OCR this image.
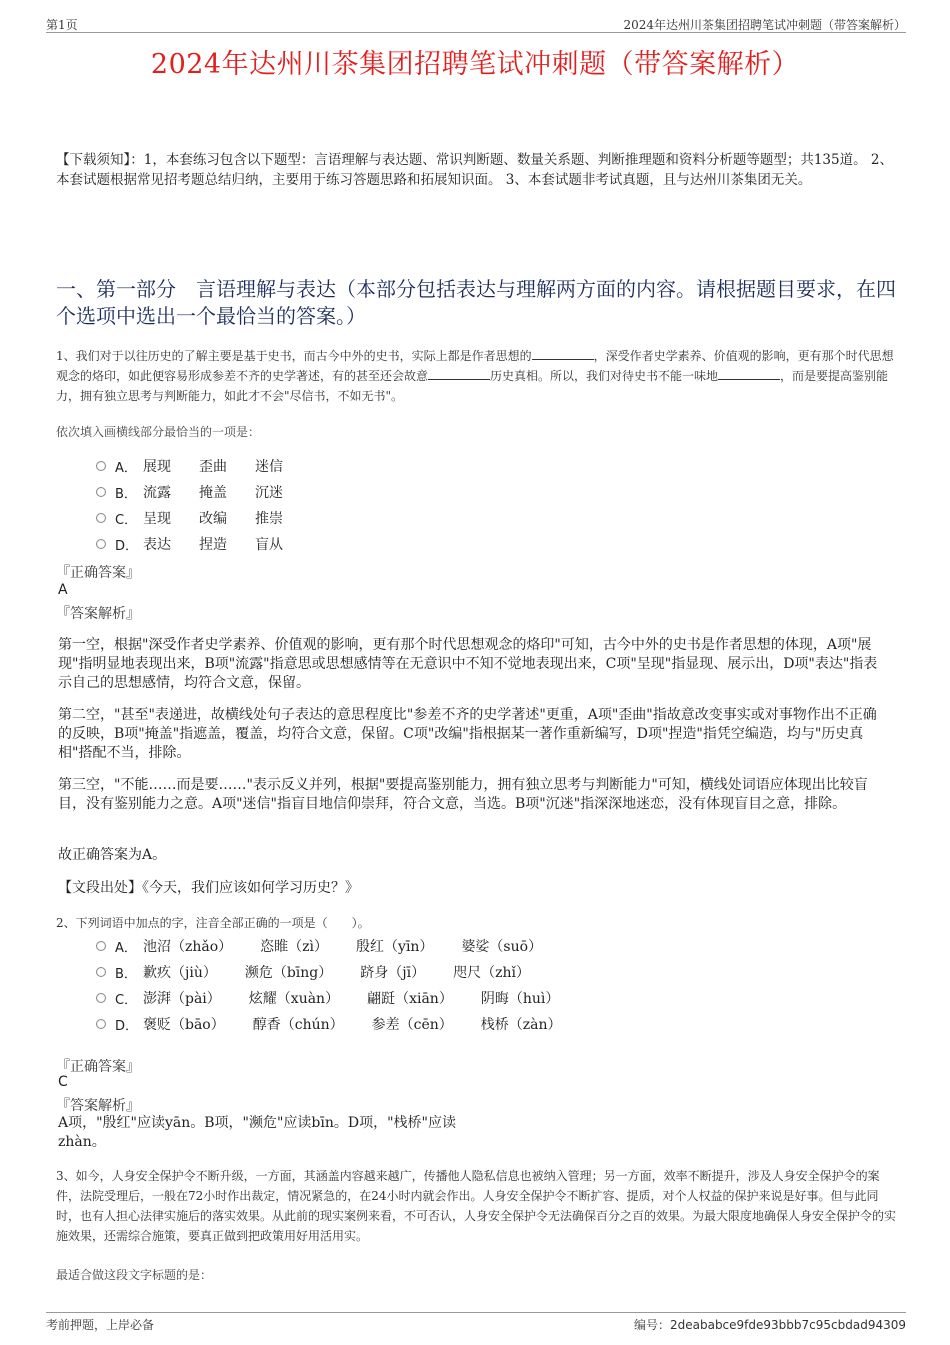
第1页	2024年达州川茶集团招聘笔试冲刺题（带答案解析）
2024年达州川茶集团招聘笔试冲刺题（带答案解析）
【下载须知】：1，本套练习包含以下题型：言语理解与表达题、常识判断题、数量关系题、判断推理题和资料分析题等题型；共135道。 2、本套试题根据常见招考题总结归纳，主要用于练习答题思路和拓展知识面。 3、本套试题非考试真题，且与达州川茶集团无关。
一、第一部分　言语理解与表达（本部分包括表达与理解两方面的内容。请根据题目要求，在四个选项中选出一个最恰当的答案。）
1、我们对于以往历史的了解主要是基于史书，而古今中外的史书，实际上都是作者思想的	，深受作者史学素养、价值观的影响，更有那个时代思想观念的烙印，如此便容易形成参差不齐的史学著述，有的甚至还会故意	历史真相。所以，我们对待史书不能一味地	，而是要提高鉴别能力，拥有独立思考与判断能力，如此才不会"尽信书，不如无书"。
依次填入画横线部分最恰当的一项是：
A． 展现 歪曲 迷信
B． 流露 掩盖 沉迷
C． 呈现 改编 推崇
D． 表达 捏造 盲从
『正确答案』
A
『答案解析』
第一空，根据"深受作者史学素养、价值观的影响，更有那个时代思想观念的烙印"可知，古今中外的史书是作者思想的体现，A项"展现"指明显地表现出来，B项"流露"指意思或思想感情等在无意识中不知不觉地表现出来，C项"呈现"指显现、展示出，D项"表达"指表示自己的思想感情，均符合文意，保留。
第二空，"甚至"表递进，故横线处句子表达的意思程度比"参差不齐的史学著述"更重，A项"歪曲"指故意改变事实或对事物作出不正确的反映，B项"掩盖"指遮盖，覆盖，均符合文意，保留。C项"改编"指根据某一著作重新编写，D项"捏造"指凭空编造，均与"历史真相"搭配不当，排除。
第三空，"不能……而是要……"表示反义并列，根据"要提高鉴别能力，拥有独立思考与判断能力"可知，横线处词语应体现出比较盲目，没有鉴别能力之意。A项"迷信"指盲目地信仰崇拜，符合文意，当选。B项"沉迷"指深深地迷恋，没有体现盲目之意，排除。
故正确答案为A。
【文段出处】《今天，我们应该如何学习历史？》
2、下列词语中加点的字，注音全部正确的一项是（　　）。
A． 池沼（zhǎo） 恣睢（zì） 殷红（yīn） 婆娑（suō）
B． 歉疚（jiù） 濒危（bīng） 跻身（jī） 咫尺（zhǐ）
C． 澎湃（pài） 炫耀（xuàn） 翩跹（xiān） 阴晦（huì）
D． 褒贬（bāo） 醇香（chún） 参差（cēn） 栈桥（zàn）
『正确答案』
C
『答案解析』
A项，"殷红"应读yān。B项，"濒危"应读bīn。D项，"栈桥"应读zhàn。
3、如今，人身安全保护令不断升级，一方面，其涵盖内容越来越广，传播他人隐私信息也被纳入管理；另一方面，效率不断提升，涉及人身安全保护令的案件，法院受理后，一般在72小时作出裁定，情况紧急的，在24小时内就会作出。人身安全保护令不断扩容、提质，对个人权益的保护来说是好事。但与此同时，也有人担心法律实施后的落实效果。从此前的现实案例来看，不可否认，人身安全保护令无法确保百分之百的效果。为最大限度地确保人身安全保护令的实施效果，还需综合施策，要真正做到把政策用好用活用实。
最适合做这段文字标题的是：
考前押题，上岸必备	编号：2deababce9fde93bbb7c95cbdad94309
